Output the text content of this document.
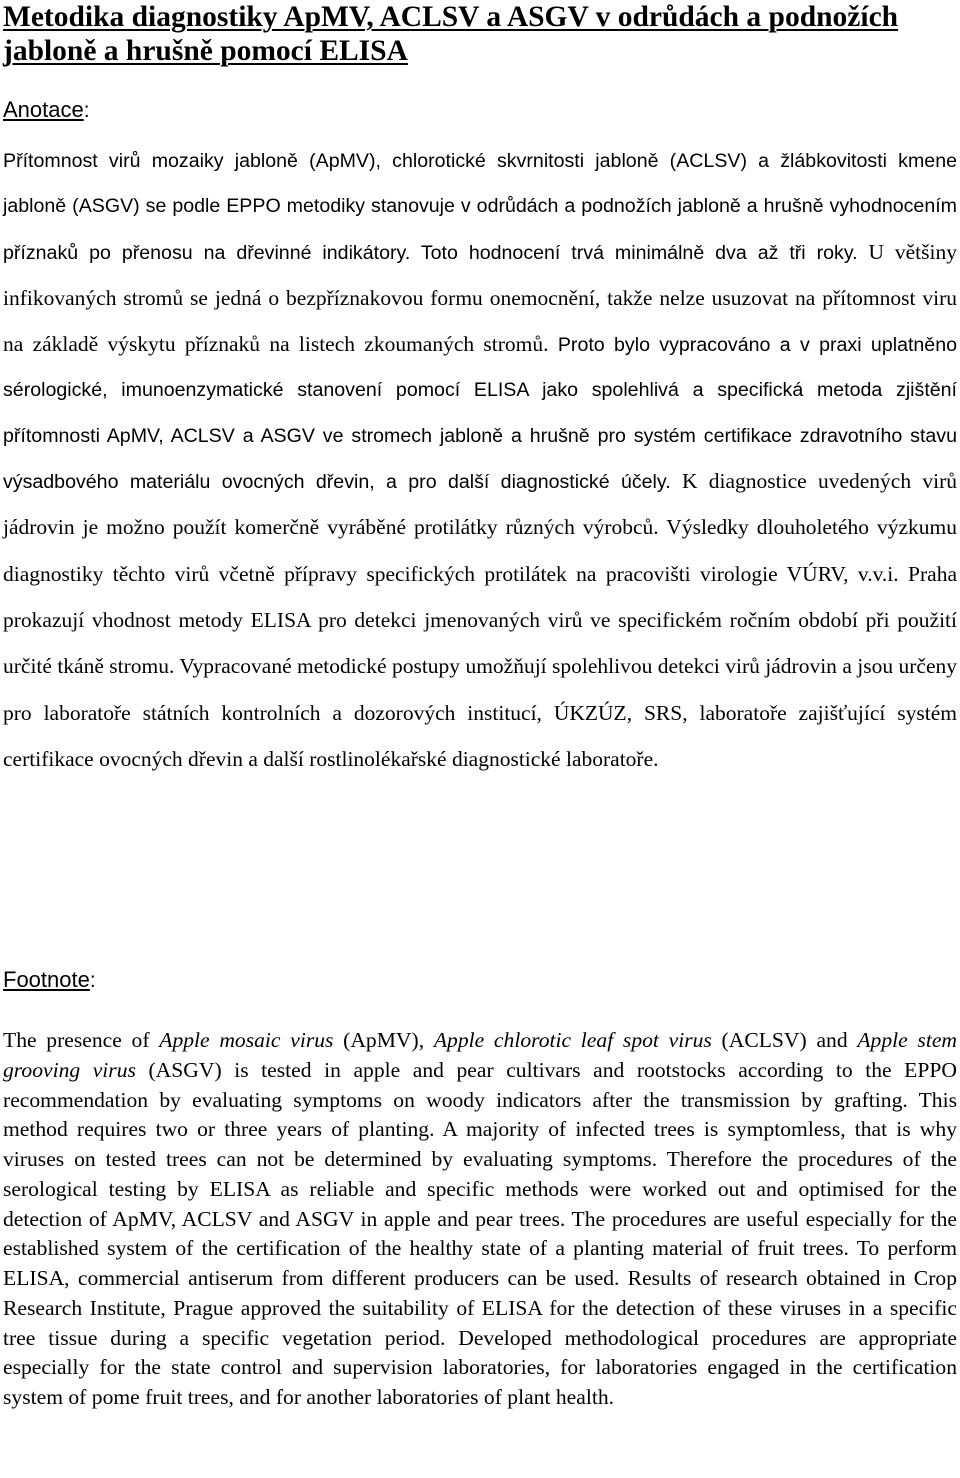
Metodika diagnostiky ApMV, ACLSV a ASGV v odrůdách a podnožích jabloně a hrušně pomocí ELISA
Anotace:

Přítomnost virů mozaiky jabloně (ApMV), chlorotické skvrnitosti jabloně (ACLSV) a žlábkovitosti kmene jabloně (ASGV) se podle EPPO metodiky stanovuje v odrůdách a podnožích jabloně a hrušně vyhodnocením příznaků po přenosu na dřevinné indikátory. Toto hodnocení trvá minimálně dva až tři roky. U většiny infikovaných stromů se jedná o bezpříznakovou formu onemocnění, takže nelze usuzovat na přítomnost viru na základě výskytu příznaků na listech zkoumaných stromů. Proto bylo vypracováno a v praxi uplatněno sérologické, imunoenzymatické stanovení pomocí ELISA jako spolehlivá a specifická metoda zjištění přítomnosti ApMV, ACLSV a ASGV ve stromech jabloně a hrušně pro systém certifikace zdravotního stavu výsadbového materiálu ovocných dřevin, a pro další diagnostické účely. K diagnostice uvedených virů jádrovin je možno použít komerčně vyráběné protilátky různých výrobců. Výsledky dlouholetého výzkumu diagnostiky těchto virů včetně přípravy specifických protilátek na pracovišti virologie VÚRV, v.v.i. Praha prokazují vhodnost metody ELISA pro detekci jmenovaných virů ve specifickém ročním období při použití určité tkáně stromu. Vypracované metodické postupy umožňují spolehlivou detekci virů jádrovin a jsou určeny pro laboratoře státních kontrolních a dozorových institucí, ÚKZÚZ, SRS, laboratoře zajišťující systém certifikace ovocných dřevin a další rostlinolékařské diagnostické laboratoře.

Footnote:

The presence of Apple mosaic virus (ApMV), Apple chlorotic leaf spot virus (ACLSV) and Apple stem grooving virus (ASGV) is tested in apple and pear cultivars and rootstocks according to the EPPO recommendation by evaluating symptoms on woody indicators after the transmission by grafting. This method requires two or three years of planting. A majority of infected trees is symptomless, that is why viruses on tested trees can not be determined by evaluating symptoms. Therefore the procedures of the serological testing by ELISA as reliable and specific methods were worked out and optimised for the detection of ApMV, ACLSV and ASGV in apple and pear trees. The procedures are useful especially for the established system of the certification of the healthy state of a planting material of fruit trees. To perform ELISA, commercial antiserum from different producers can be used. Results of research obtained in Crop Research Institute, Prague approved the suitability of ELISA for the detection of these viruses in a specific tree tissue during a specific vegetation period. Developed methodological procedures are appropriate especially for the state control and supervision laboratories, for laboratories engaged in the certification system of pome fruit trees, and for another laboratories of plant health.
